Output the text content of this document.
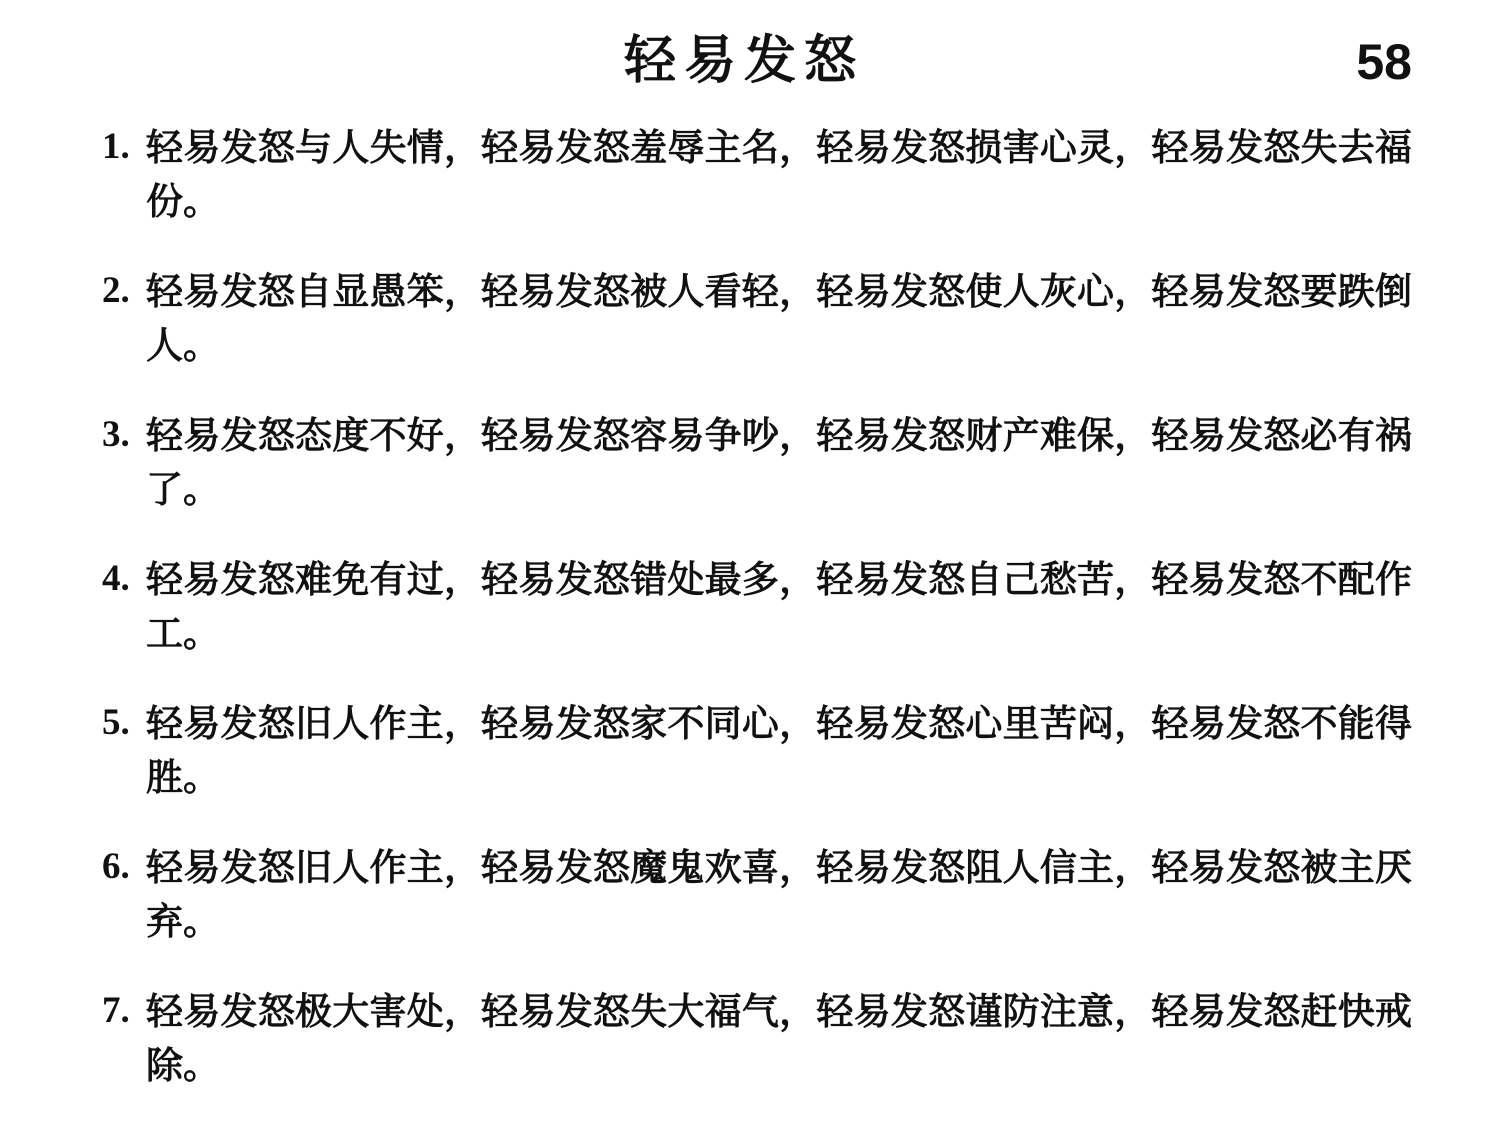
轻易发怒	58
1. 轻易发怒与人失情，轻易发怒羞辱主名，轻易发怒损害心灵，轻易发怒失去福份。
2. 轻易发怒自显愚笨，轻易发怒被人看轻，轻易发怒使人灰心，轻易发怒要跌倒人。
3. 轻易发怒态度不好，轻易发怒容易争吵，轻易发怒财产难保，轻易发怒必有祸了。
4. 轻易发怒难免有过，轻易发怒错处最多，轻易发怒自己愁苦，轻易发怒不配作工。
5. 轻易发怒旧人作主，轻易发怒家不同心，轻易发怒心里苦闷，轻易发怒不能得胜。
6. 轻易发怒旧人作主，轻易发怒魔鬼欢喜，轻易发怒阻人信主，轻易发怒被主厌弃。
7. 轻易发怒极大害处，轻易发怒失大福气，轻易发怒谨防注意，轻易发怒赶快戒除。
